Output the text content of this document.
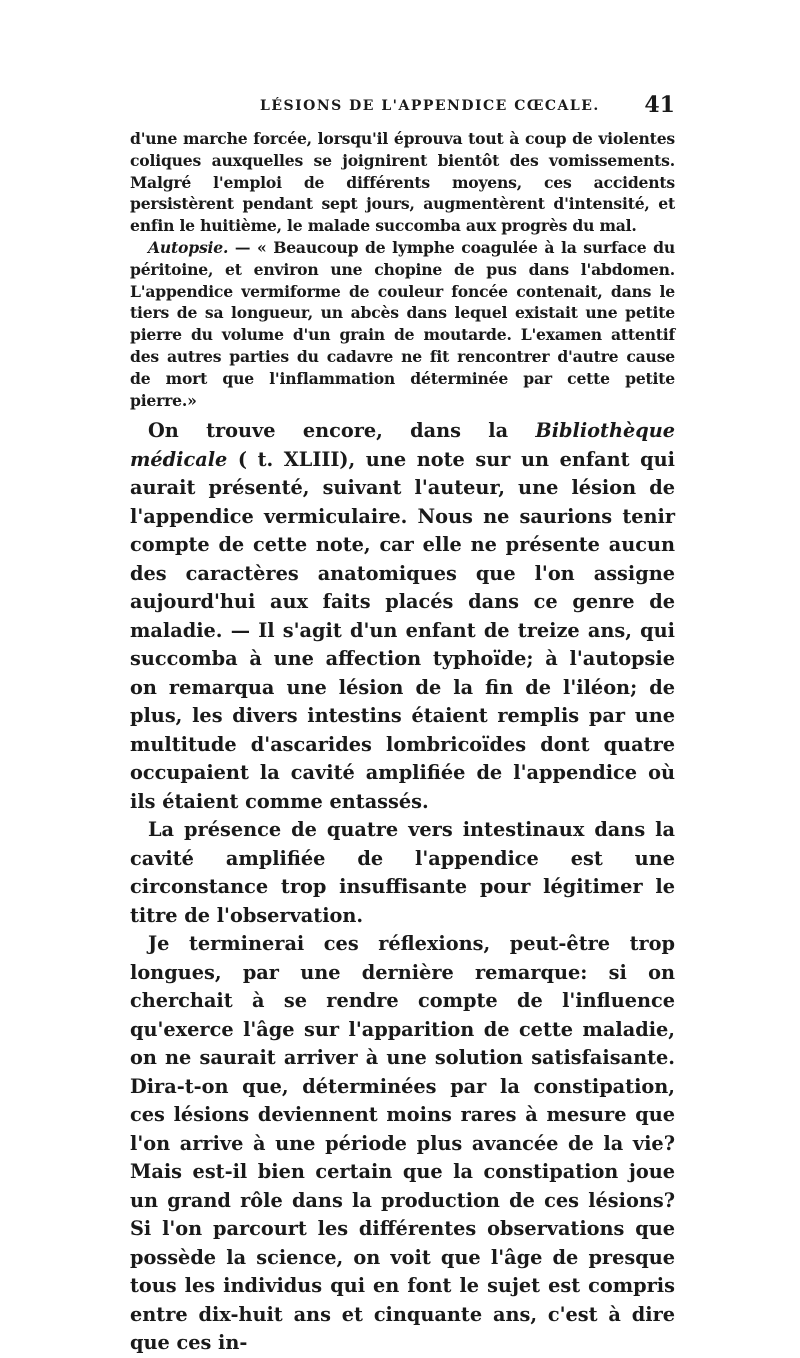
LÉSIONS DE L'APPENDICE CŒCALE. 41

d'une marche forcée, lorsqu'il éprouva tout à coup de violentes coliques auxquelles se joignirent bientôt des vomissements. Malgré l'emploi de différents moyens, ces accidents persistèrent pendant sept jours, augmentèrent d'intensité, et enfin le huitième, le malade succomba aux progrès du mal.

Autopsie. — « Beaucoup de lymphe coagulée à la surface du péritoine, et environ une chopine de pus dans l'abdomen. L'appendice vermiforme de couleur foncée contenait, dans le tiers de sa longueur, un abcès dans lequel existait une petite pierre du volume d'un grain de moutarde. L'examen attentif des autres parties du cadavre ne fit rencontrer d'autre cause de mort que l'inflammation déterminée par cette petite pierre.»

On trouve encore, dans la Bibliothèque médicale ( t. XLIII), une note sur un enfant qui aurait présenté, suivant l'auteur, une lésion de l'appendice vermiculaire. Nous ne saurions tenir compte de cette note, car elle ne présente aucun des caractères anatomiques que l'on assigne aujourd'hui aux faits placés dans ce genre de maladie. — Il s'agit d'un enfant de treize ans, qui succomba à une affection typhoïde; à l'autopsie on remarqua une lésion de la fin de l'iléon; de plus, les divers intestins étaient remplis par une multitude d'ascarides lombricoïdes dont quatre occupaient la cavité amplifiée de l'appendice où ils étaient comme entassés.

La présence de quatre vers intestinaux dans la cavité amplifiée de l'appendice est une circonstance trop insuffisante pour légitimer le titre de l'observation.

Je terminerai ces réflexions, peut-être trop longues, par une dernière remarque: si on cherchait à se rendre compte de l'influence qu'exerce l'âge sur l'apparition de cette maladie, on ne saurait arriver à une solution satisfaisante. Dira-t-on que, déterminées par la constipation, ces lésions deviennent moins rares à mesure que l'on arrive à une période plus avancée de la vie? Mais est-il bien certain que la constipation joue un grand rôle dans la production de ces lésions? Si l'on parcourt les différentes observations que possède la science, on voit que l'âge de presque tous les individus qui en font le sujet est compris entre dix-huit ans et cinquante ans, c'est à dire que ces in-
